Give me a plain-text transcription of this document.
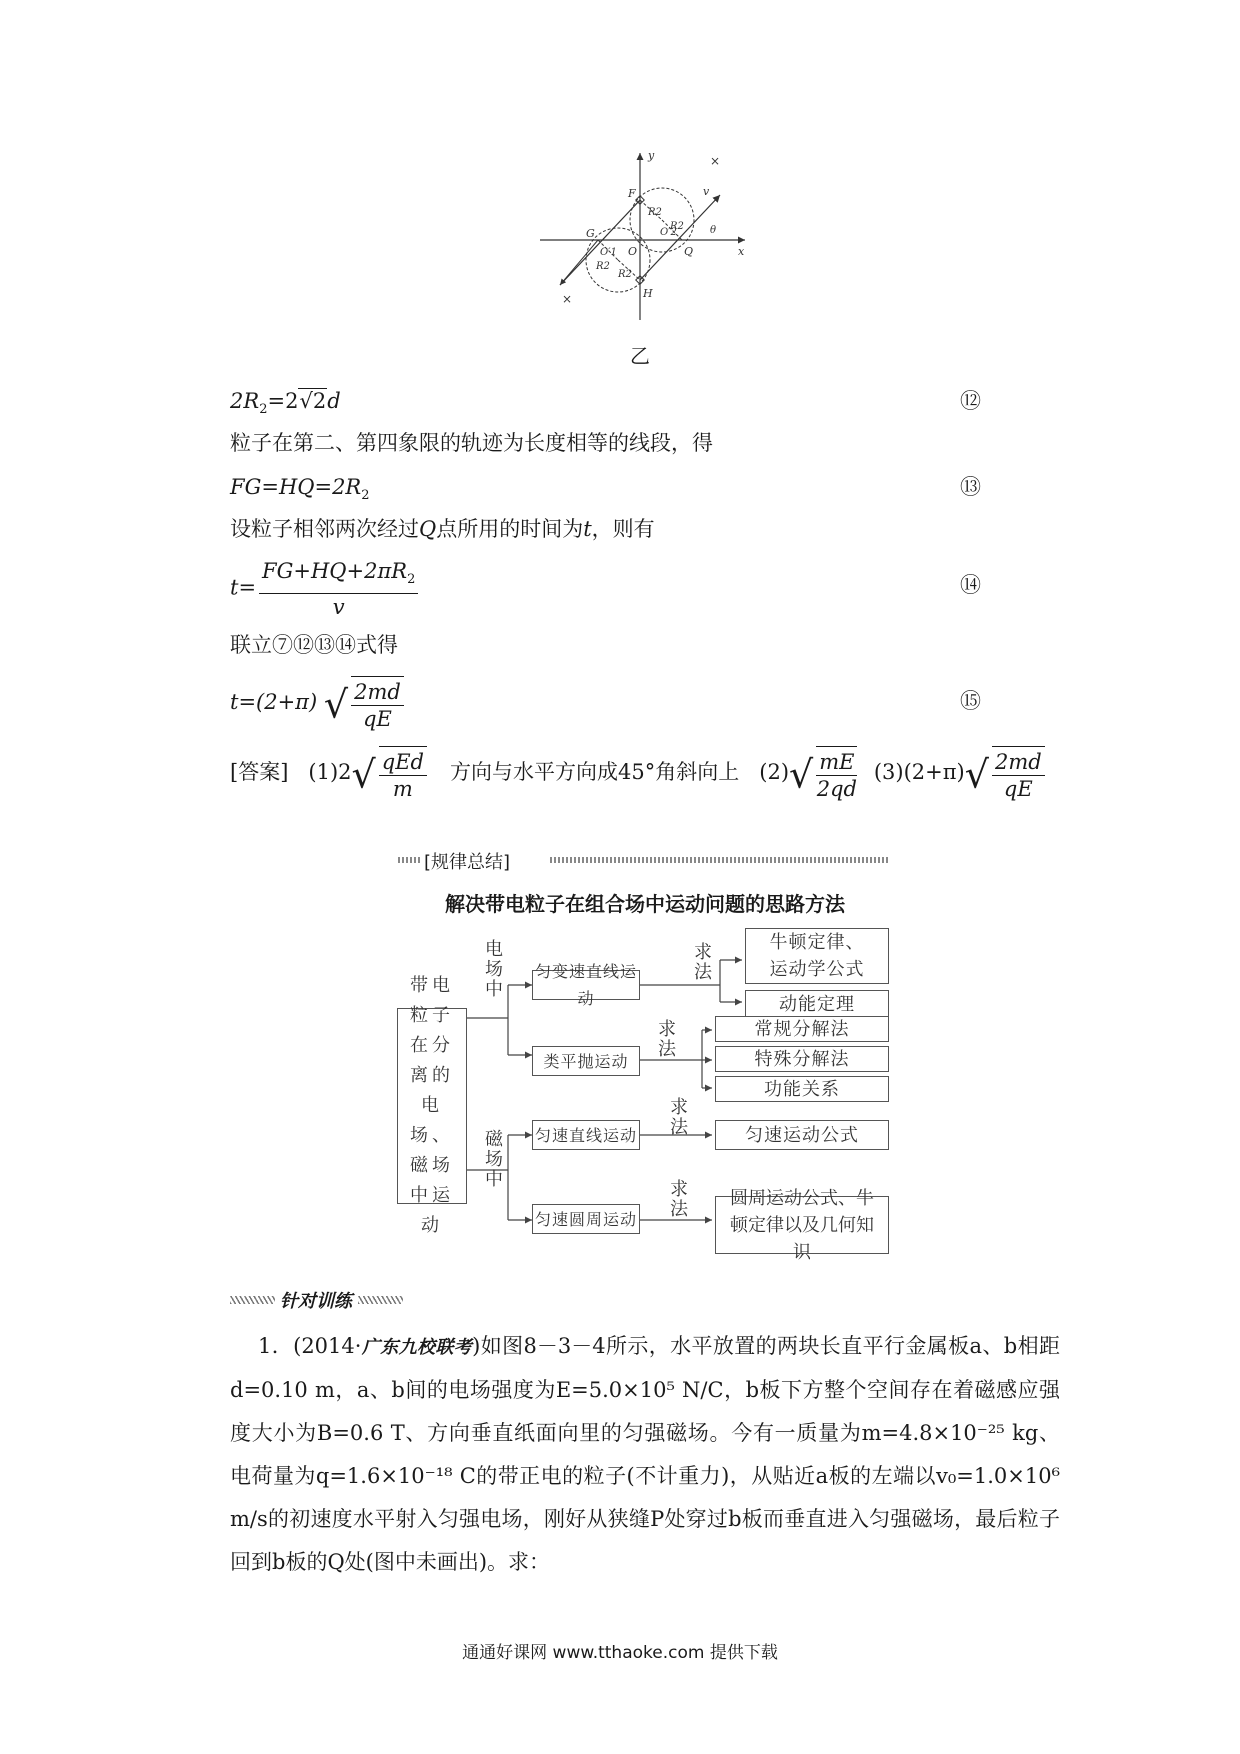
y
x
F
G
H
O	Q
O′1
O′2
R2
R2
R2
R2
v
θ
×
×
乙
$2R_2=2√2d$	⑫
粒子在第二、第四象限的轨迹为长度相等的线段，得
$FG=HQ=2R_2$	⑬
设粒子相邻两次经过Q点所用的时间为t，则有
$t= \frac{FG+HQ+2\pi R_2}{v}$	⑭
联立⑦⑫⑬⑭式得
t=(2+π) √ $\frac{2md}{qE}$	⑮
[答案] $(1)2√ \frac{\text{qEd}}{m}$ 方向与水平方向成45°角斜向上 $(2)√ \frac{mE}{2qd} (3)(2+\pi)√ \frac{2md}{qE}$
[规律总结]
解决带电粒子在组合场中运动问题的思路方法
带电粒子在分离的电场、磁场中运动
电场中
磁场中
匀变速直线运动
类平抛运动
匀速直线运动
匀速圆周运动
求法
求法
求法
求法
牛顿定律、运动学公式
动能定理
常规分解法
特殊分解法
功能关系
匀速运动公式
圆周运动公式、牛顿定律以及几何知识
针对训练
1．(2014·广东九校联考)如图8－3－4所示，水平放置的两块长直平行金属板a、b相距d=0.10 m，a、b间的电场强度为E=5.0×10⁵ N/C，b板下方整个空间存在着磁感应强度大小为B=0.6 T、方向垂直纸面向里的匀强磁场。今有一质量为m=4.8×10⁻²⁵ kg、电荷量为q=1.6×10⁻¹⁸ C的带正电的粒子(不计重力)，从贴近a板的左端以v₀=1.0×10⁶ m/s的初速度水平射入匀强电场，刚好从狭缝P处穿过b板而垂直进入匀强磁场，最后粒子回到b板的Q处(图中未画出)。求：
通通好课网 www.tthaoke.com 提供下载
